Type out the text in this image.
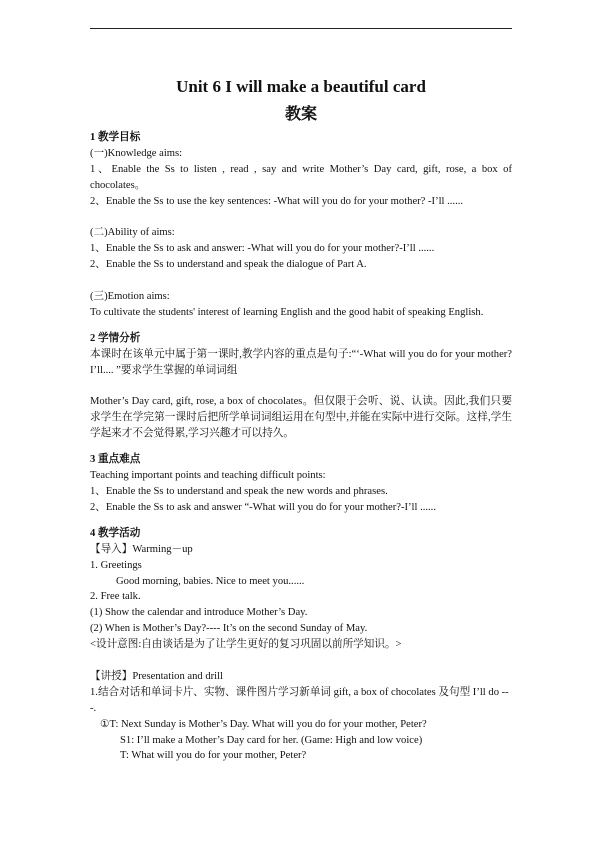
Unit 6 I will make a beautiful card
教案
1 教学目标

(一)Knowledge aims:

1、Enable the Ss to listen , read , say and write Mother’s Day card, gift, rose, a box of chocolates。

2、Enable the Ss to use the key sentences: -What will you do for your mother? -I’ll ......

(二)Ability of aims:

1、Enable the Ss to ask and answer: -What will you do for your mother?-I’ll ......

2、Enable the Ss to understand and speak the dialogue of Part A.

(三)Emotion aims:

To cultivate the students' interest of learning English and the good habit of speaking English.

2 学情分析

本课时在该单元中属于第一课时,教学内容的重点是句子:“‘-What will you do for your mother? I’ll.... ”要求学生掌握的单词词组

Mother’s Day card, gift, rose, a box of chocolates。但仅限于会听、说、认读。因此,我们只要求学生在学完第一课时后把所学单词词组运用在句型中,并能在实际中进行交际。这样,学生学起来才不会觉得累,学习兴趣才可以持久。

3 重点难点

Teaching important points and teaching difficult points:

1、Enable the Ss to understand and speak the new words and phrases.

2、Enable the Ss to ask and answer “-What will you do for your mother?-I’ll ......

4 教学活动

【导入】Warming－up

1. Greetings

Good morning, babies. Nice to meet you......

2. Free talk.

(1) Show the calendar and introduce Mother’s Day.

(2) When is Mother’s Day?---- It’s on the second Sunday of May.

<设计意图:自由谈话是为了让学生更好的复习巩固以前所学知识。>

【讲授】Presentation and drill

1.结合对话和单词卡片、实物、课件图片学习新单词 gift, a box of chocolates 及句型 I’ll do ---.

①T: Next Sunday is Mother’s Day. What will you do for your mother, Peter?

S1: I’ll make a Mother’s Day card for her. (Game: High and low voice)

T: What will you do for your mother, Peter?
